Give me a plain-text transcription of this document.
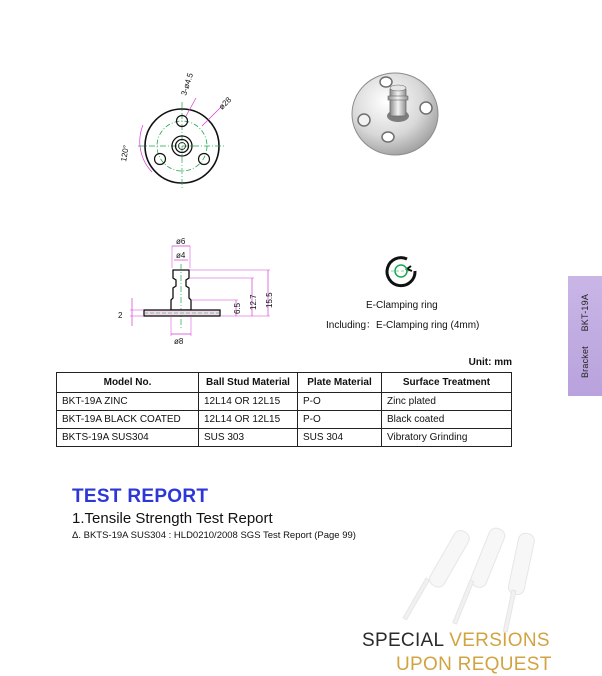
Bracket BKT-19A
3-ø4.5
ø28
120°
ø6
ø4
ø8
2
6.5 12.7 15.5	E-Clamping ring
Including：E-Clamping ring (4mm)
Unit: mm
Model No.	Ball Stud Material	Plate Material	Surface Treatment
BKT-19A ZINC	12L14 OR 12L15	P-O	Zinc plated
BKT-19A BLACK COATED	12L14 OR 12L15	P-O	Black coated
BKTS-19A SUS304	SUS 303	SUS 304	Vibratory Grinding
TEST REPORT
1.Tensile Strength Test Report
Δ. BKTS-19A SUS304 : HLD0210/2008 SGS Test Report (Page 99)
SPECIAL VERSIONS
UPON REQUEST
